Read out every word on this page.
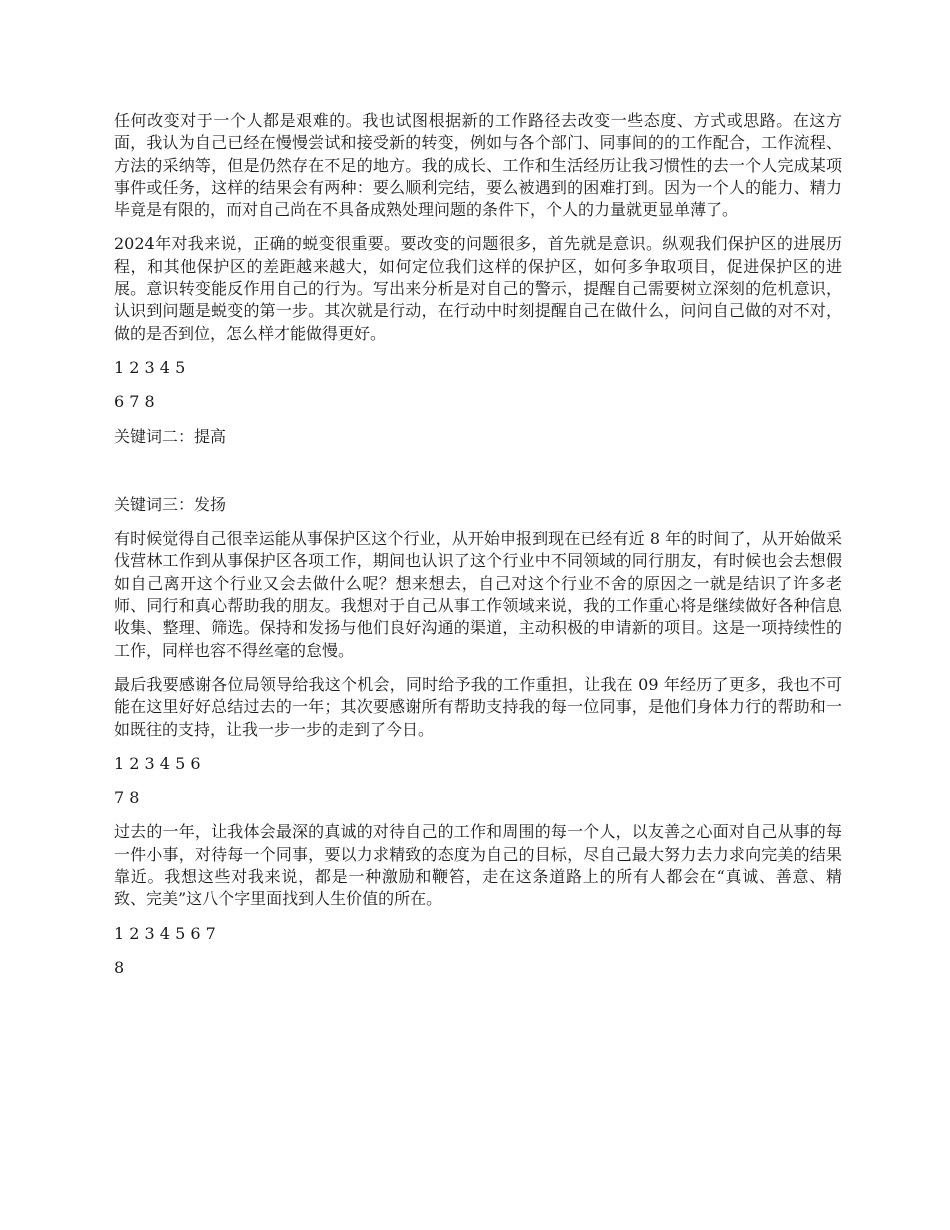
任何改变对于一个人都是艰难的。我也试图根据新的工作路径去改变一些态度、方式或思路。在这方面，我认为自己已经在慢慢尝试和接受新的转变，例如与各个部门、同事间的的工作配合，工作流程、方法的采纳等，但是仍然存在不足的地方。我的成长、工作和生活经历让我习惯性的去一个人完成某项事件或任务，这样的结果会有两种：要么顺利完结，要么被遇到的困难打到。因为一个人的能力、精力毕竟是有限的，而对自己尚在不具备成熟处理问题的条件下，个人的力量就更显单薄了。

2024年对我来说，正确的蜕变很重要。要改变的问题很多，首先就是意识。纵观我们保护区的进展历程，和其他保护区的差距越来越大，如何定位我们这样的保护区，如何多争取项目，促进保护区的进展。意识转变能反作用自己的行为。写出来分析是对自己的警示，提醒自己需要树立深刻的危机意识，认识到问题是蜕变的第一步。其次就是行动，在行动中时刻提醒自己在做什么，问问自己做的对不对，做的是否到位，怎么样才能做得更好。

1 2 3 4 5

6 7 8

关键词二：提高

关键词三：发扬

有时候觉得自己很幸运能从事保护区这个行业，从开始申报到现在已经有近 8 年的时间了，从开始做采伐营林工作到从事保护区各项工作，期间也认识了这个行业中不同领域的同行朋友，有时候也会去想假如自己离开这个行业又会去做什么呢？想来想去，自己对这个行业不舍的原因之一就是结识了许多老师、同行和真心帮助我的朋友。我想对于自己从事工作领域来说，我的工作重心将是继续做好各种信息收集、整理、筛选。保持和发扬与他们良好沟通的渠道，主动积极的申请新的项目。这是一项持续性的工作，同样也容不得丝毫的怠慢。

最后我要感谢各位局领导给我这个机会，同时给予我的工作重担，让我在 09 年经历了更多，我也不可能在这里好好总结过去的一年；其次要感谢所有帮助支持我的每一位同事，是他们身体力行的帮助和一如既往的支持，让我一步一步的走到了今日。

1 2 3 4 5 6

7 8

过去的一年，让我体会最深的真诚的对待自己的工作和周围的每一个人，以友善之心面对自己从事的每一件小事，对待每一个同事，要以力求精致的态度为自己的目标，尽自己最大努力去力求向完美的结果靠近。我想这些对我来说，都是一种激励和鞭笞，走在这条道路上的所有人都会在“真诚、善意、精致、完美”这八个字里面找到人生价值的所在。

1 2 3 4 5 6 7

8
